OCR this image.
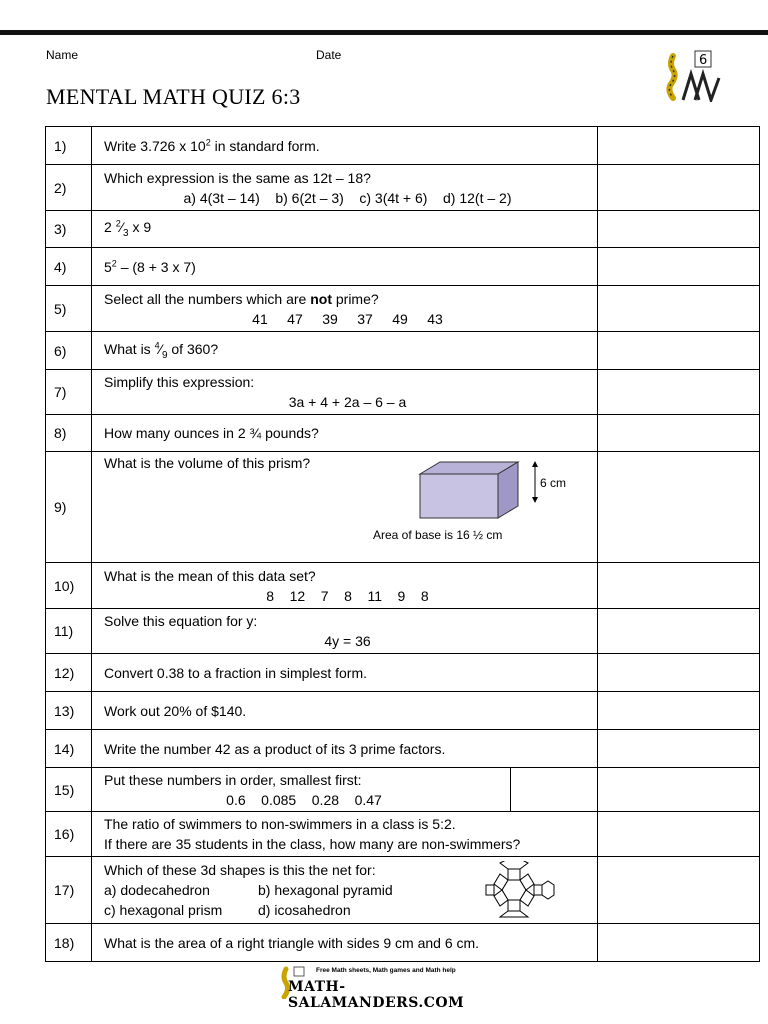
Name	Date
MENTAL MATH QUIZ 6:3
6
1)	Write 3.726 x $10^2$ in standard form.	
2)	Which expression is the same as 12t – 18?
a) 4(3t – 14)    b) 6(2t – 3)    c) 3(4t + 6)    d) 12(t – 2)	

3)	2 $^2⁄_3$ x 9	
4)	$5^2 - (8 + 3$ x 7)	
5)	Select all the numbers which are not prime?
41     47     39     37     49     43	

6)	What is $^4⁄_9$ of 360?	
7)	Simplify this expression:
3a + 4 + 2a – 6 – a	

8)	How many ounces in 2 ¾ pounds?	
9)	What is the volume of this prism?
6 cm
Area of base is 16 ½ cm	

10)	What is the mean of this data set?
8    12    7    8    11    9    8	

11)	Solve this equation for y:
4y = 36	

12)	Convert 0.38 to a fraction in simplest form.	
13)	Work out 20% of $140.	
14)	Write the number 42 as a product of its 3 prime factors.	
15)	Put these numbers in order, smallest first:
0.6    0.085    0.28    0.47	

16)	The ratio of swimmers to non-swimmers in a class is 5:2.
If there are 35 students in the class, how many are non-swimmers?	

17)	Which of these 3d shapes is this the net for:
a) dodecahedron b) hexagonal pyramid
c) hexagonal prism d) icosahedron	

18)	What is the area of a right triangle with sides 9 cm and 6 cm.	
Free Math sheets, Math games and Math help
MATH-SALAMANDERS.COM
